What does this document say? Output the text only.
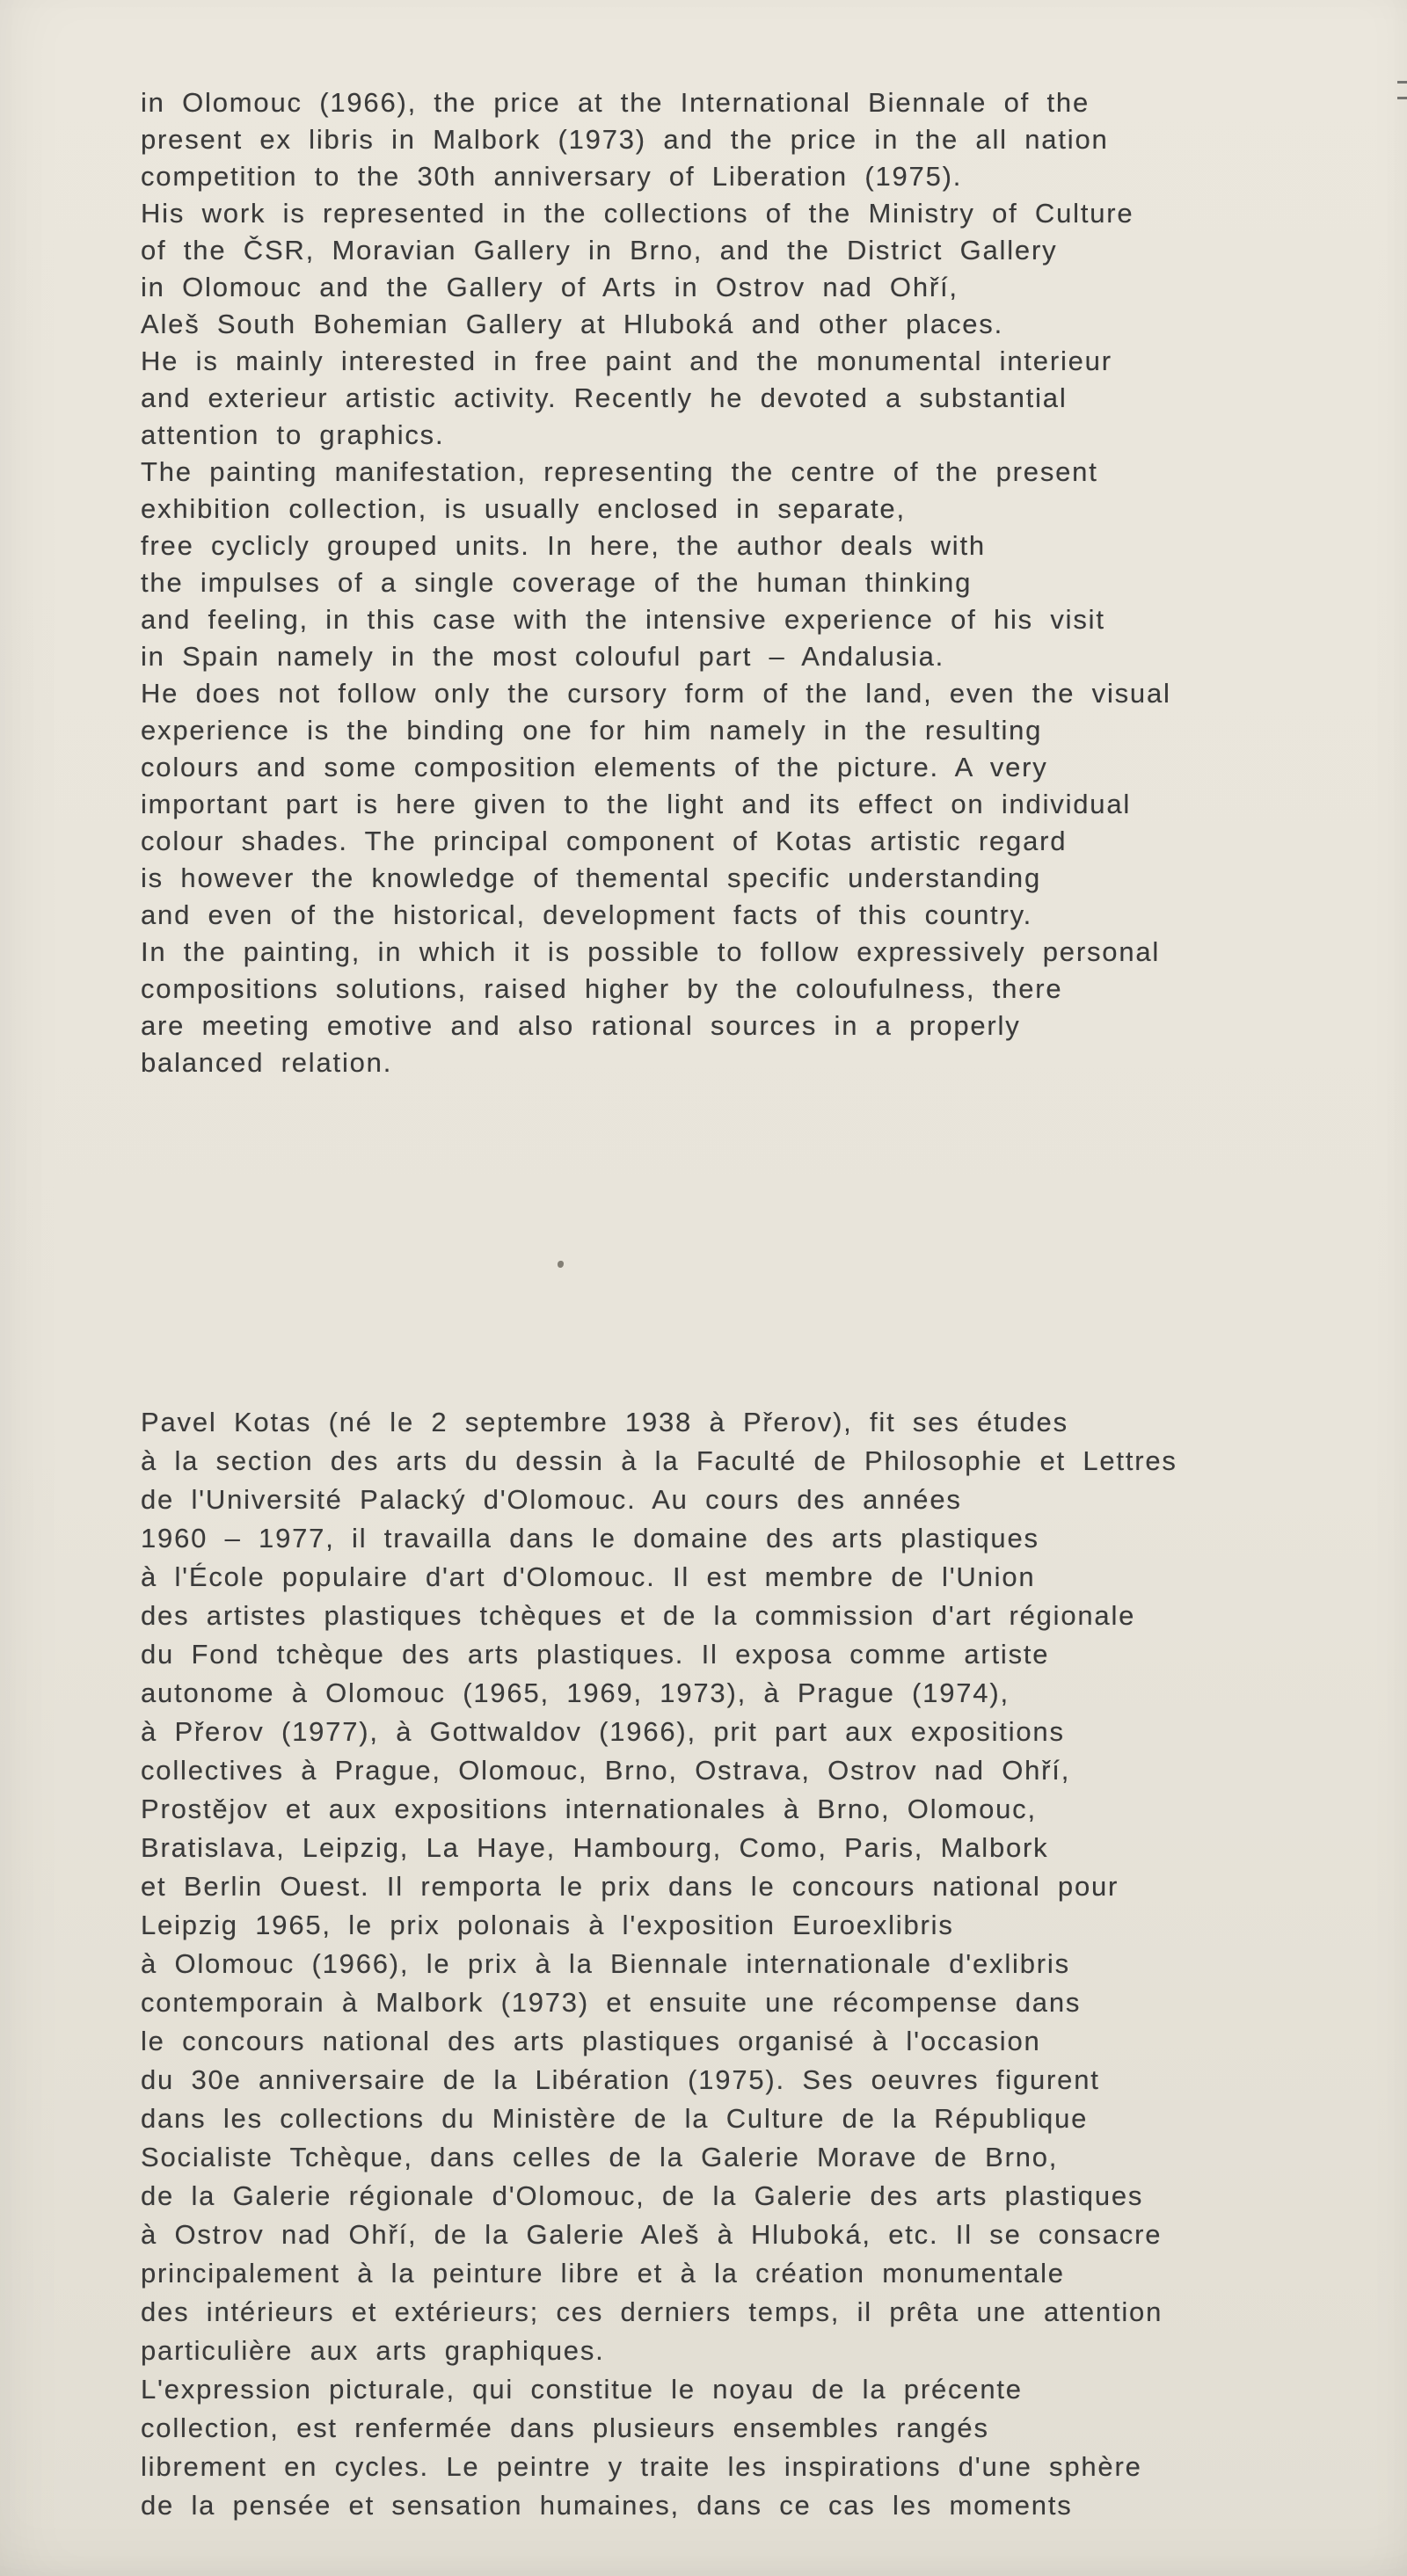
in Olomouc (1966), the price at the International Biennale of the
present ex libris in Malbork (1973) and the price in the all nation
competition to the 30th anniversary of Liberation (1975).
His work is represented in the collections of the Ministry of Culture
of the ČSR, Moravian Gallery in Brno, and the District Gallery
in Olomouc and the Gallery of Arts in Ostrov nad Ohří,
Aleš South Bohemian Gallery at Hluboká and other places.
He is mainly interested in free paint and the monumental interieur
and exterieur artistic activity. Recently he devoted a substantial
attention to graphics.
The painting manifestation, representing the centre of the present
exhibition collection, is usually enclosed in separate,
free cyclicly grouped units. In here, the author deals with
the impulses of a single coverage of the human thinking
and feeling, in this case with the intensive experience of his visit
in Spain namely in the most colouful part – Andalusia.
He does not follow only the cursory form of the land, even the visual
experience is the binding one for him namely in the resulting
colours and some composition elements of the picture. A very
important part is here given to the light and its effect on individual
colour shades. The principal component of Kotas artistic regard
is however the knowledge of themental specific understanding
and even of the historical, development facts of this country.
In the painting, in which it is possible to follow expressively personal
compositions solutions, raised higher by the coloufulness, there
are meeting emotive and also rational sources in a properly
balanced relation.
Pavel Kotas (né le 2 septembre 1938 à Přerov), fit ses études
à la section des arts du dessin à la Faculté de Philosophie et Lettres
de l'Université Palacký d'Olomouc. Au cours des années
1960 – 1977, il travailla dans le domaine des arts plastiques
à l'École populaire d'art d'Olomouc. Il est membre de l'Union
des artistes plastiques tchèques et de la commission d'art régionale
du Fond tchèque des arts plastiques. Il exposa comme artiste
autonome à Olomouc (1965, 1969, 1973), à Prague (1974),
à Přerov (1977), à Gottwaldov (1966), prit part aux expositions
collectives à Prague, Olomouc, Brno, Ostrava, Ostrov nad Ohří,
Prostějov et aux expositions internationales à Brno, Olomouc,
Bratislava, Leipzig, La Haye, Hambourg, Como, Paris, Malbork
et Berlin Ouest. Il remporta le prix dans le concours national pour
Leipzig 1965, le prix polonais à l'exposition Euroexlibris
à Olomouc (1966), le prix à la Biennale internationale d'exlibris
contemporain à Malbork (1973) et ensuite une récompense dans
le concours national des arts plastiques organisé à l'occasion
du 30e anniversaire de la Libération (1975). Ses oeuvres figurent
dans les collections du Ministère de la Culture de la République
Socialiste Tchèque, dans celles de la Galerie Morave de Brno,
de la Galerie régionale d'Olomouc, de la Galerie des arts plastiques
à Ostrov nad Ohří, de la Galerie Aleš à Hluboká, etc. Il se consacre
principalement à la peinture libre et à la création monumentale
des intérieurs et extérieurs; ces derniers temps, il prêta une attention
particulière aux arts graphiques.
L'expression picturale, qui constitue le noyau de la précente
collection, est renfermée dans plusieurs ensembles rangés
librement en cycles. Le peintre y traite les inspirations d'une sphère
de la pensée et sensation humaines, dans ce cas les moments
